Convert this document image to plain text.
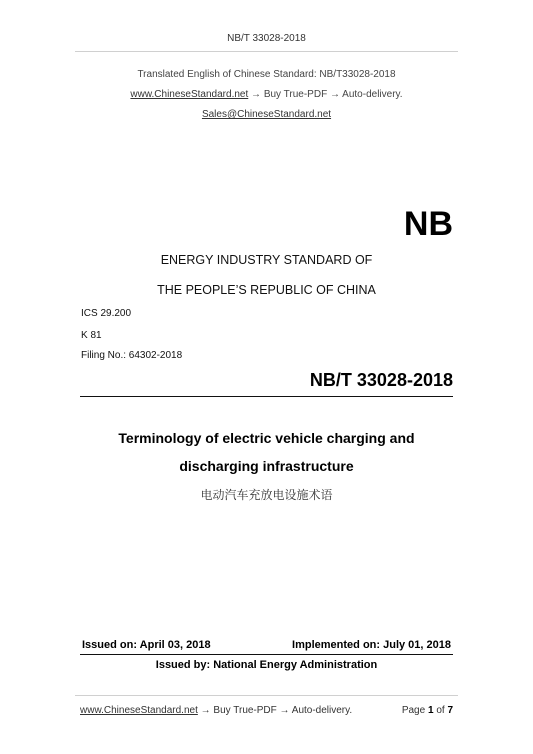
NB/T 33028-2018
Translated English of Chinese Standard: NB/T33028-2018
www.ChineseStandard.net → Buy True-PDF → Auto-delivery.
Sales@ChineseStandard.net
NB
ENERGY INDUSTRY STANDARD OF
THE PEOPLE’S REPUBLIC OF CHINA
ICS 29.200
K 81
Filing No.: 64302-2018
NB/T 33028-2018
Terminology of electric vehicle charging and
discharging infrastructure
电动汽车充放电设施术语
Issued on: April 03, 2018	Implemented on: July 01, 2018
Issued by: National Energy Administration
www.ChineseStandard.net → Buy True-PDF → Auto-delivery.	Page 1 of 7
